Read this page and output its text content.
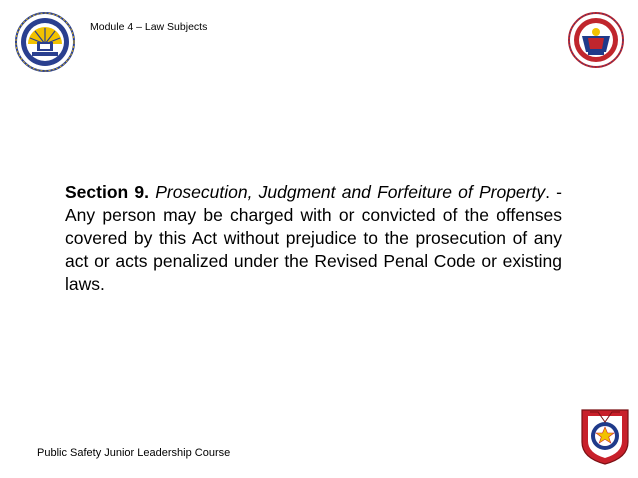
Module 4 – Law Subjects
Section 9. Prosecution, Judgment and Forfeiture of Property. - Any person may be charged with or convicted of the offenses covered by this Act without prejudice to the prosecution of any act or acts penalized under the Revised Penal Code or existing laws.
Public Safety Junior Leadership Course
